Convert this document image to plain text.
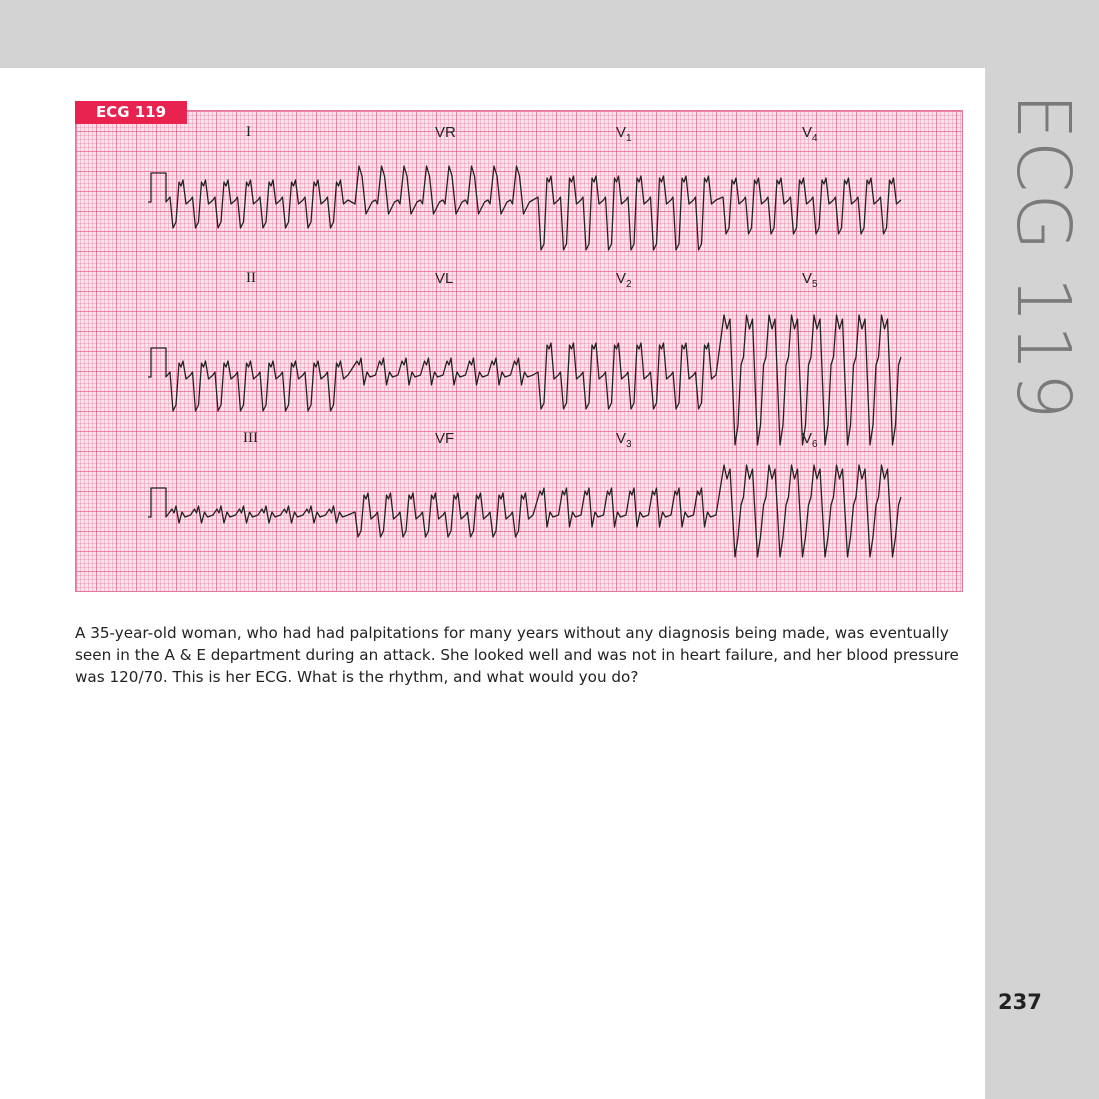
ECG 119
ECG 119
I	VR	$V_1$	$V_4$
II	VL	$V_2$	$V_5$
III	VF	$V_3$	$V_6$
A 35-year-old woman, who had had palpitations for many years without any diagnosis being made, was eventually seen in the A & E department during an attack. She looked well and was not in heart failure, and her blood pressure was 120/70. This is her ECG. What is the rhythm, and what would you do?
237
